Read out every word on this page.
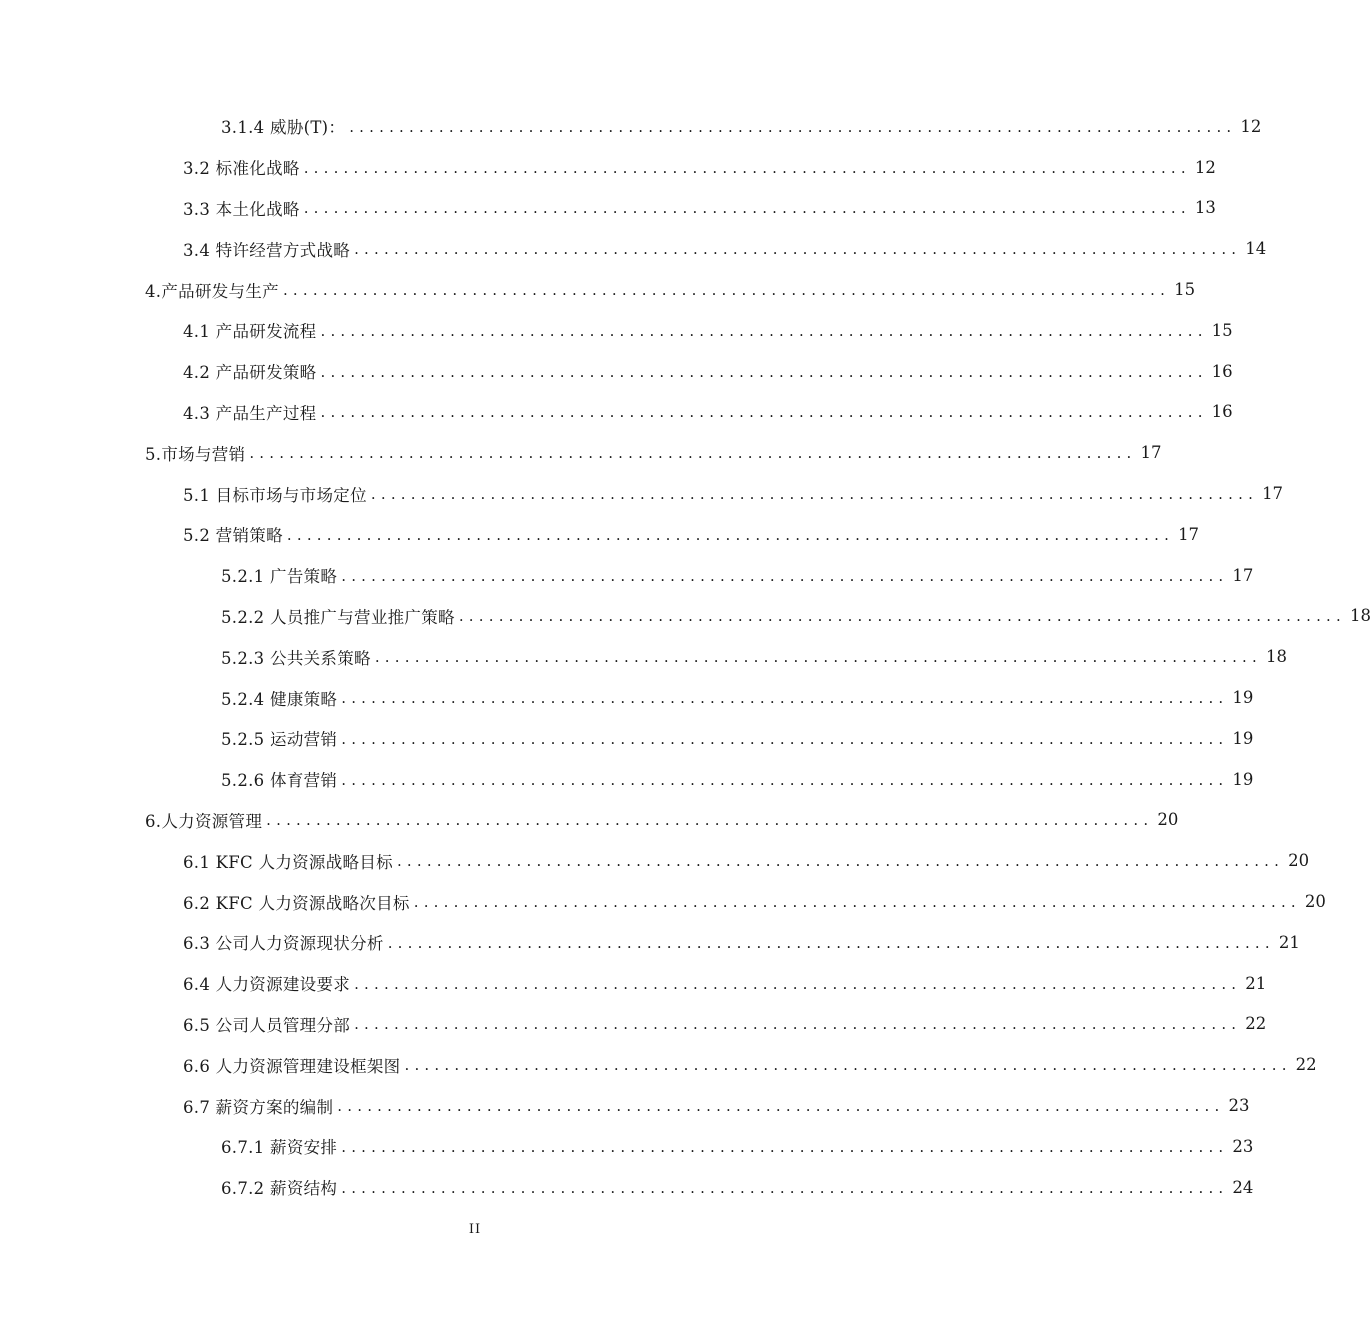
3.1.4 威胁(T)： ......................................................................................... 12
3.2 标准化战略 ......................................................................................... 12
3.3 本土化战略 ......................................................................................... 13
3.4 特许经营方式战略 ......................................................................................... 14
4.产品研发与生产 ......................................................................................... 15
4.1 产品研发流程 ......................................................................................... 15
4.2 产品研发策略 ......................................................................................... 16
4.3 产品生产过程 ......................................................................................... 16
5.市场与营销 ......................................................................................... 17
5.1 目标市场与市场定位 ......................................................................................... 17
5.2 营销策略 ......................................................................................... 17
5.2.1 广告策略 ......................................................................................... 17
5.2.2 人员推广与营业推广策略 ......................................................................................... 18
5.2.3 公共关系策略 ......................................................................................... 18
5.2.4 健康策略 ......................................................................................... 19
5.2.5 运动营销 ......................................................................................... 19
5.2.6 体育营销 ......................................................................................... 19
6.人力资源管理 ......................................................................................... 20
6.1 KFC 人力资源战略目标 ......................................................................................... 20
6.2 KFC 人力资源战略次目标 ......................................................................................... 20
6.3 公司人力资源现状分析 ......................................................................................... 21
6.4 人力资源建设要求 ......................................................................................... 21
6.5 公司人员管理分部 ......................................................................................... 22
6.6 人力资源管理建设框架图 ......................................................................................... 22
6.7 薪资方案的编制 ......................................................................................... 23
6.7.1 薪资安排 ......................................................................................... 23
6.7.2 薪资结构 ......................................................................................... 24
II
